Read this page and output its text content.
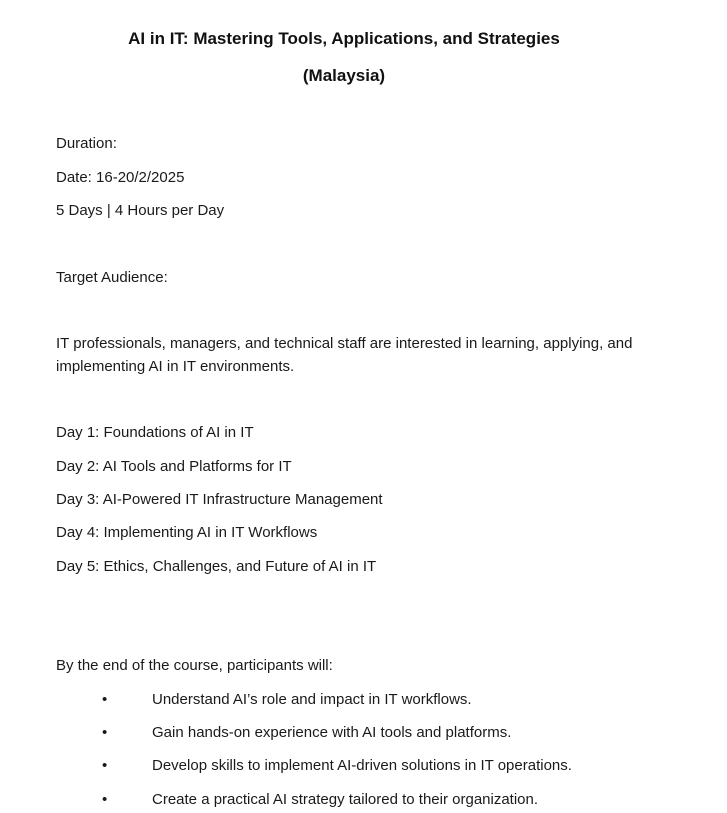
AI in IT: Mastering Tools, Applications, and Strategies
(Malaysia)

Duration:

Date: 16-20/2/2025

5 Days | 4 Hours per Day

Target Audience:

IT professionals, managers, and technical staff are interested in learning, applying, and implementing AI in IT environments.

Day 1: Foundations of AI in IT

Day 2: AI Tools and Platforms for IT

Day 3: AI-Powered IT Infrastructure Management

Day 4: Implementing AI in IT Workflows

Day 5: Ethics, Challenges, and Future of AI in IT

By the end of the course, participants will:

•	Understand AI’s role and impact in IT workflows.
•	Gain hands-on experience with AI tools and platforms.
•	Develop skills to implement AI-driven solutions in IT operations.
•	Create a practical AI strategy tailored to their organization.
